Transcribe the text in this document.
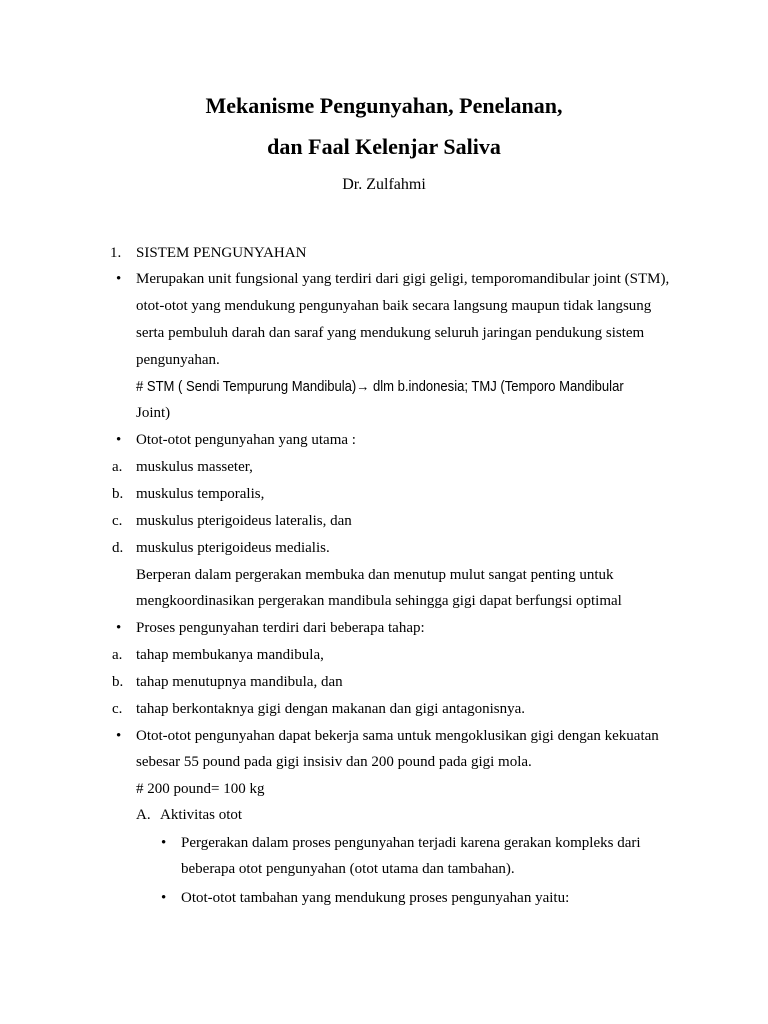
Mekanisme Pengunyahan, Penelanan,
dan Faal Kelenjar Saliva
Dr. Zulfahmi
1. SISTEM PENGUNYAHAN
• Merupakan unit fungsional yang terdiri dari gigi geligi, temporomandibular joint (STM),
otot-otot yang mendukung pengunyahan baik secara langsung maupun tidak langsung
serta pembuluh darah dan saraf yang mendukung seluruh jaringan pendukung sistem
pengunyahan.
# STM ( Sendi Tempurung Mandibula)→ dlm b.indonesia; TMJ (Temporo Mandibular
Joint)
• Otot-otot pengunyahan yang utama :
a. muskulus masseter,
b. muskulus temporalis,
c. muskulus pterigoideus lateralis, dan
d. muskulus pterigoideus medialis.
Berperan dalam pergerakan membuka dan menutup mulut sangat penting untuk
mengkoordinasikan pergerakan mandibula sehingga gigi dapat berfungsi optimal
• Proses pengunyahan terdiri dari beberapa tahap:
a. tahap membukanya mandibula,
b. tahap menutupnya mandibula, dan
c. tahap berkontaknya gigi dengan makanan dan gigi antagonisnya.
• Otot-otot pengunyahan dapat bekerja sama untuk mengoklusikan gigi dengan kekuatan
sebesar 55 pound pada gigi insisiv dan 200 pound pada gigi mola.
# 200 pound= 100 kg
A. Aktivitas otot
• Pergerakan dalam proses pengunyahan terjadi karena gerakan kompleks dari
beberapa otot pengunyahan (otot utama dan tambahan).
• Otot-otot tambahan yang mendukung proses pengunyahan yaitu:
